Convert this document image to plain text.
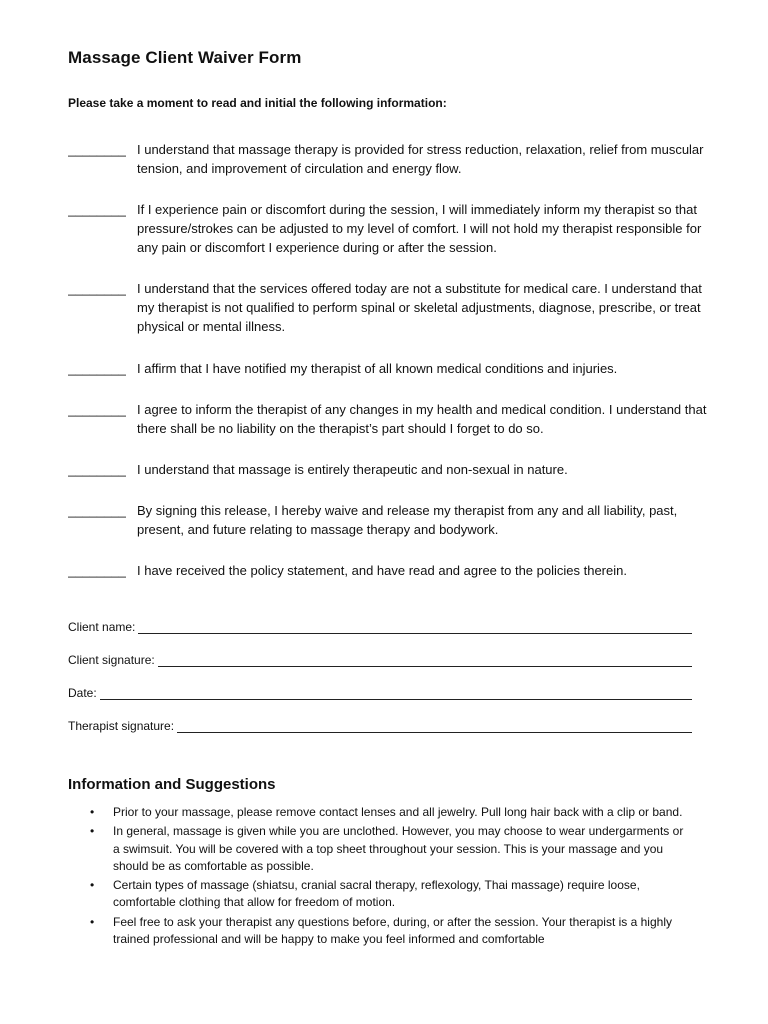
Massage Client Waiver Form
Please take a moment to read and initial the following information:
________ I understand that massage therapy is provided for stress reduction, relaxation, relief from muscular tension, and improvement of circulation and energy flow.
________ If I experience pain or discomfort during the session, I will immediately inform my therapist so that pressure/strokes can be adjusted to my level of comfort. I will not hold my therapist responsible for any pain or discomfort I experience during or after the session.
________ I understand that the services offered today are not a substitute for medical care. I understand that my therapist is not qualified to perform spinal or skeletal adjustments, diagnose, prescribe, or treat physical or mental illness.
________ I affirm that I have notified my therapist of all known medical conditions and injuries.
________ I agree to inform the therapist of any changes in my health and medical condition. I understand that there shall be no liability on the therapist’s part should I forget to do so.
________ I understand that massage is entirely therapeutic and non-sexual in nature.
________ By signing this release, I hereby waive and release my therapist from any and all liability, past, present, and future relating to massage therapy and bodywork.
________ I have received the policy statement, and have read and agree to the policies therein.
Client name:
Client signature:
Date:
Therapist signature:
Information and Suggestions
• Prior to your massage, please remove contact lenses and all jewelry. Pull long hair back with a clip or band.
• In general, massage is given while you are unclothed. However, you may choose to wear undergarments or a swimsuit. You will be covered with a top sheet throughout your session. This is your massage and you should be as comfortable as possible.
• Certain types of massage (shiatsu, cranial sacral therapy, reflexology, Thai massage) require loose, comfortable clothing that allow for freedom of motion.
• Feel free to ask your therapist any questions before, during, or after the session. Your therapist is a highly trained professional and will be happy to make you feel informed and comfortable
